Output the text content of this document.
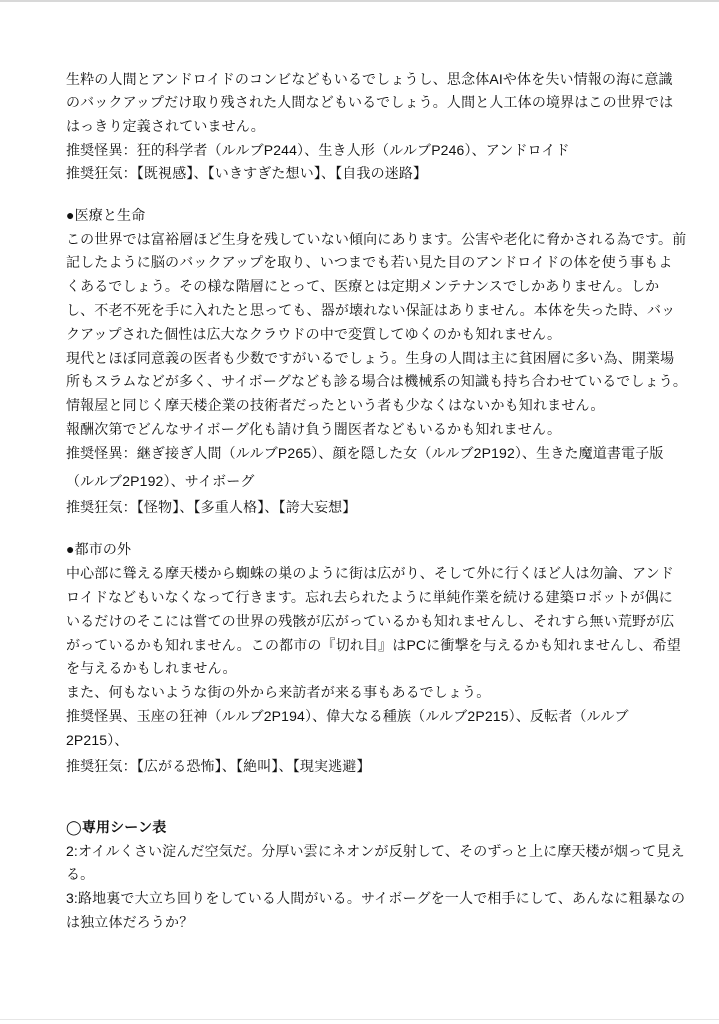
生粋の人間とアンドロイドのコンビなどもいるでしょうし、思念体AIや体を失い情報の海に意識
のバックアップだけ取り残された人間などもいるでしょう。人間と人工体の境界はこの世界では
はっきり定義されていません。
推奨怪異：狂的科学者（ルルブP244）、生き人形（ルルブP246）、アンドロイド
推奨狂気：【既視感】、【いきすぎた想い】、【自我の迷路】
●医療と生命
この世界では富裕層ほど生身を残していない傾向にあります。公害や老化に脅かされる為です。前
記したように脳のバックアップを取り、いつまでも若い見た目のアンドロイドの体を使う事もよ
くあるでしょう。その様な階層にとって、医療とは定期メンテナンスでしかありません。しか
し、不老不死を手に入れたと思っても、器が壊れない保証はありません。本体を失った時、バッ
クアップされた個性は広大なクラウドの中で変質してゆくのかも知れません。
現代とほぼ同意義の医者も少数ですがいるでしょう。生身の人間は主に貧困層に多い為、開業場
所もスラムなどが多く、サイボーグなども診る場合は機械系の知識も持ち合わせているでしょう。
情報屋と同じく摩天楼企業の技術者だったという者も少なくはないかも知れません。
報酬次第でどんなサイボーグ化も請け負う闇医者などもいるかも知れません。
推奨怪異：継ぎ接ぎ人間（ルルブP265）、顔を隠した女（ルルブ2P192）、生きた魔道書電子版
（ルルブ2P192）、サイボーグ
推奨狂気：【怪物】、【多重人格】、【誇大妄想】
●都市の外
中心部に聳える摩天楼から蜘蛛の巣のように街は広がり、そして外に行くほど人は勿論、アンド
ロイドなどもいなくなって行きます。忘れ去られたように単純作業を続ける建築ロボットが偶に
いるだけのそこには嘗ての世界の残骸が広がっているかも知れませんし、それすら無い荒野が広
がっているかも知れません。この都市の『切れ目』はPCに衝撃を与えるかも知れませんし、希望
を与えるかもしれません。
また、何もないような街の外から来訪者が来る事もあるでしょう。
推奨怪異、玉座の狂神（ルルブ2P194）、偉大なる種族（ルルブ2P215）、反転者（ルルブ
2P215）、
推奨狂気：【広がる恐怖】、【絶叫】、【現実逃避】
◯専用シーン表
2:オイルくさい淀んだ空気だ。分厚い雲にネオンが反射して、そのずっと上に摩天楼が烟って見え
る。
3:路地裏で大立ち回りをしている人間がいる。サイボーグを一人で相手にして、あんなに粗暴なの
は独立体だろうか？
